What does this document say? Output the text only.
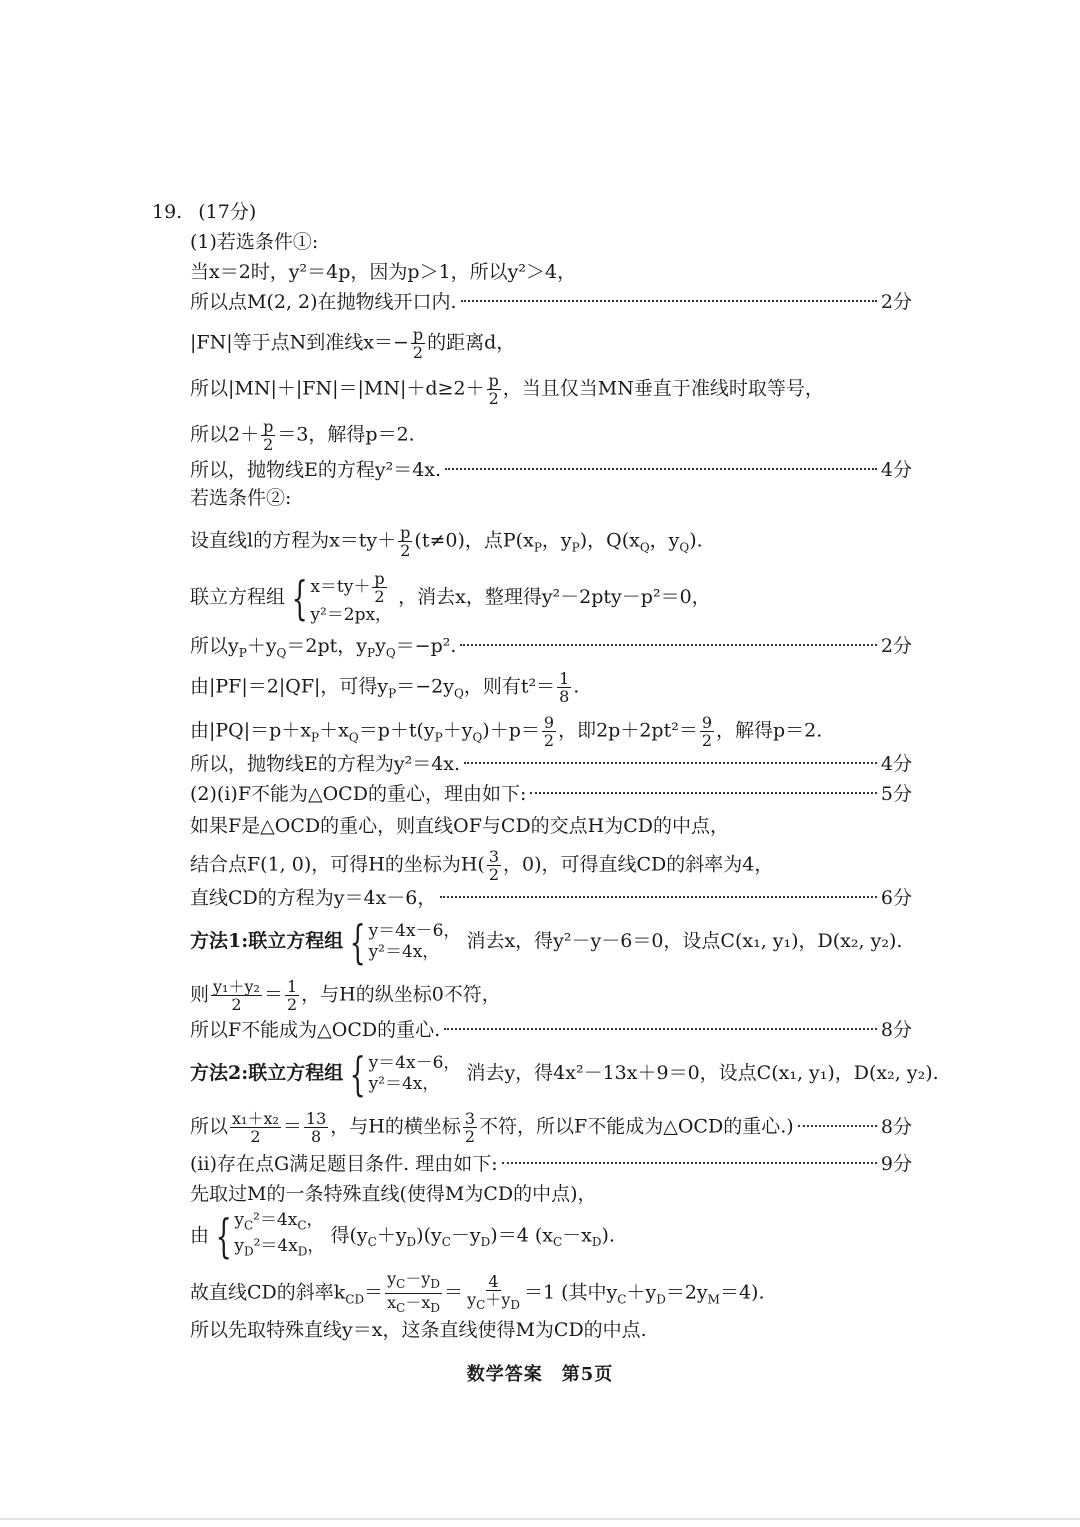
19. (17分)
(1)若选条件①:
当x＝2时，y²＝4p，因为p＞1，所以y²＞4，
所以点M(2, 2)在抛物线开口内.	2分
|FN|等于点N到准线$x=- \frac{p}{2}$ 的距离d，
所以$|MN|+|FN|=|MN|+d\ge 2+ \frac{p}{2}$ ，当且仅当MN垂直于准线时取等号，
所以$2+ \frac{p}{2} =3$，解得p＝2.
所以，抛物线E的方程y²＝4x.	4分
若选条件②:
设直线l的方程为$x=ty+ \frac{p}{2} (t\ne 0)$，点$P(x_P$，$y_P$)，$Q(x_Q$，$y_Q$).
联立方程组 { $x=ty+ \frac{p}{2}$
y²＝2px，
，消去x，整理得y²－2pty－p²＝0，
所以$y_P+y_Q=2pt$，$y_Py_Q=-p^2$.	2分
由|PF|＝2|QF|，可得$y_P=-2y_Q$，则有$t^2= \frac{1}{8}$ .
由$|PQ|=p+x_P+x_Q=p+t(y_P+y_Q)+p= \frac{9}{2}$ ，即$2p+2pt^2= \frac{9}{2}$ ，解得p＝2.
所以，抛物线E的方程为y²＝4x.	4分
(2)(i)F不能为△OCD的重心，理由如下:	5分
如果F是△OCD的重心，则直线OF与CD的交点H为CD的中点，
结合点F(1, 0)，可得H的坐标为$H( \frac{3}{2}$ ，0)，可得直线CD的斜率为4，
直线CD的方程为y＝4x－6，	6分
方法1:联立方程组 { y＝4x－6，
y²＝4x，	消去x，得y²－y－6＝0，设点C(x₁, y₁)，D(x₂, y₂).
则 $\frac{\text{y₁＋y₂}}{2} = \frac{1}{2}$ ，与H的纵坐标0不符，
所以F不能成为△OCD的重心.	8分
方法2:联立方程组 { y＝4x－6，
y²＝4x，	消去y，得4x²－13x＋9＝0，设点C(x₁, y₁)，D(x₂, y₂).
所以 $\frac{\text{x₁＋x₂}}{2} = \frac{13}{8}$ ，与H的横坐标 $\frac{3}{2}$ 不符，所以F不能成为△OCD的重心.)	8分
(ii)存在点G满足题目条件. 理由如下:	9分
先取过M的一条特殊直线(使得M为CD的中点)，
由 { $y_C^2=4x_C$，
$y_D^2=4x_D$， 得$(y_C+y_D)(y_C-y_D)=4$ $(x_C-x_D)$.
故直线CD的斜率$k_{CD}= \frac{y_C-y_D}{x_C-x_D} = \frac{4}{y_C+y_D} =1$ (其中$y_C+y_D=2y_M=4$).
所以先取特殊直线y＝x，这条直线使得M为CD的中点.
数学答案　第5页
